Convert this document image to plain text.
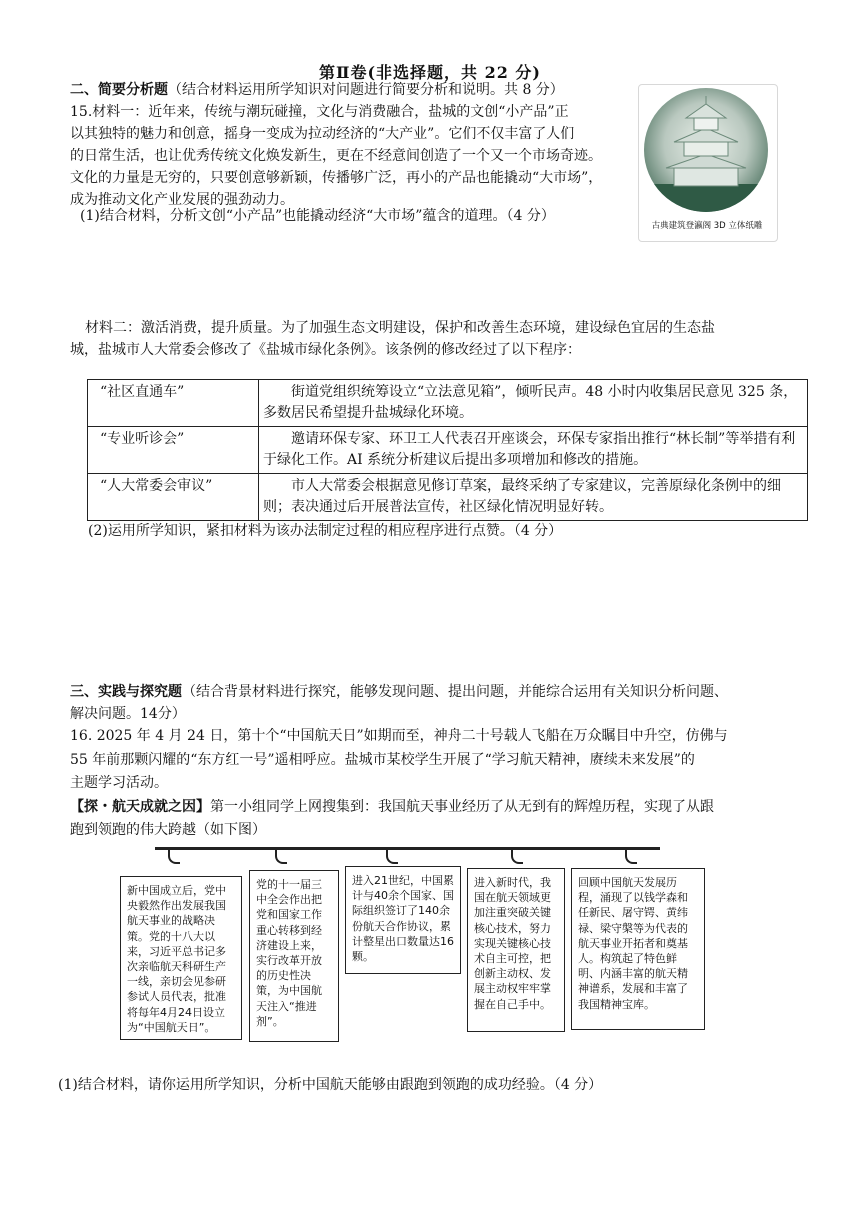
第Ⅱ卷(非选择题，共 22 分)
二、简要分析题（结合材料运用所学知识对问题进行简要分析和说明。共 8 分）
15.材料一：近年来，传统与潮玩碰撞，文化与消费融合，盐城的文创“小产品”正
以其独特的魅力和创意，摇身一变成为拉动经济的“大产业”。它们不仅丰富了人们
的日常生活，也让优秀传统文化焕发新生，更在不经意间创造了一个又一个市场奇迹。
文化的力量是无穷的，只要创意够新颖，传播够广泛，再小的产品也能撬动“大市场”，
成为推动文化产业发展的强劲动力。
(1)结合材料，分析文创“小产品”也能撬动经济“大市场”蕴含的道理。（4 分）
古典建筑登瀛阁 3D 立体纸雕
材料二：激活消费，提升质量。为了加强生态文明建设，保护和改善生态环境，建设绿色宜居的生态盐
城，盐城市人大常委会修改了《盐城市绿化条例》。该条例的修改经过了以下程序：
“社区直通车”	街道党组织统筹设立“立法意见箱”，倾听民声。48 小时内收集居民意见 325 条，多数居民希望提升盐城绿化环境。
“专业听诊会”	邀请环保专家、环卫工人代表召开座谈会，环保专家指出推行“林长制”等举措有利于绿化工作。AI 系统分析建议后提出多项增加和修改的措施。
“人大常委会审议”	市人大常委会根据意见修订草案，最终采纳了专家建议，完善原绿化条例中的细则；表决通过后开展普法宣传，社区绿化情况明显好转。
(2)运用所学知识，紧扣材料为该办法制定过程的相应程序进行点赞。（4 分）
三、实践与探究题（结合背景材料进行探究，能够发现问题、提出问题，并能综合运用有关知识分析问题、
解决问题。14分）
16. 2025 年 4 月 24 日，第十个“中国航天日”如期而至，神舟二十号载人飞船在万众瞩目中升空，仿佛与
55 年前那颗闪耀的“东方红一号”遥相呼应。盐城市某校学生开展了“学习航天精神，赓续未来发展”的
主题学习活动。
【探・航天成就之因】第一小组同学上网搜集到：我国航天事业经历了从无到有的辉煌历程，实现了从跟
跑到领跑的伟大跨越（如下图）
新中国成立后，党中央毅然作出发展我国航天事业的战略决策。党的十八大以来，习近平总书记多次亲临航天科研生产一线，亲切会见参研参试人员代表，批准将每年4月24日设立为“中国航天日”。
党的十一届三中全会作出把党和国家工作重心转移到经济建设上来，实行改革开放的历史性决策，为中国航天注入“推进剂”。
进入21世纪，中国累计与40余个国家、国际组织签订了140余份航天合作协议，累计整星出口数量达16颗。
进入新时代，我国在航天领域更加注重突破关键核心技术，努力实现关键核心技术自主可控，把创新主动权、发展主动权牢牢掌握在自己手中。
回顾中国航天发展历程，涌现了以钱学森和任新民、屠守锷、黄纬禄、梁守槃等为代表的航天事业开拓者和奠基人。构筑起了特色鲜明、内涵丰富的航天精神谱系，发展和丰富了我国精神宝库。
(1)结合材料，请你运用所学知识，分析中国航天能够由跟跑到领跑的成功经验。（4 分）
